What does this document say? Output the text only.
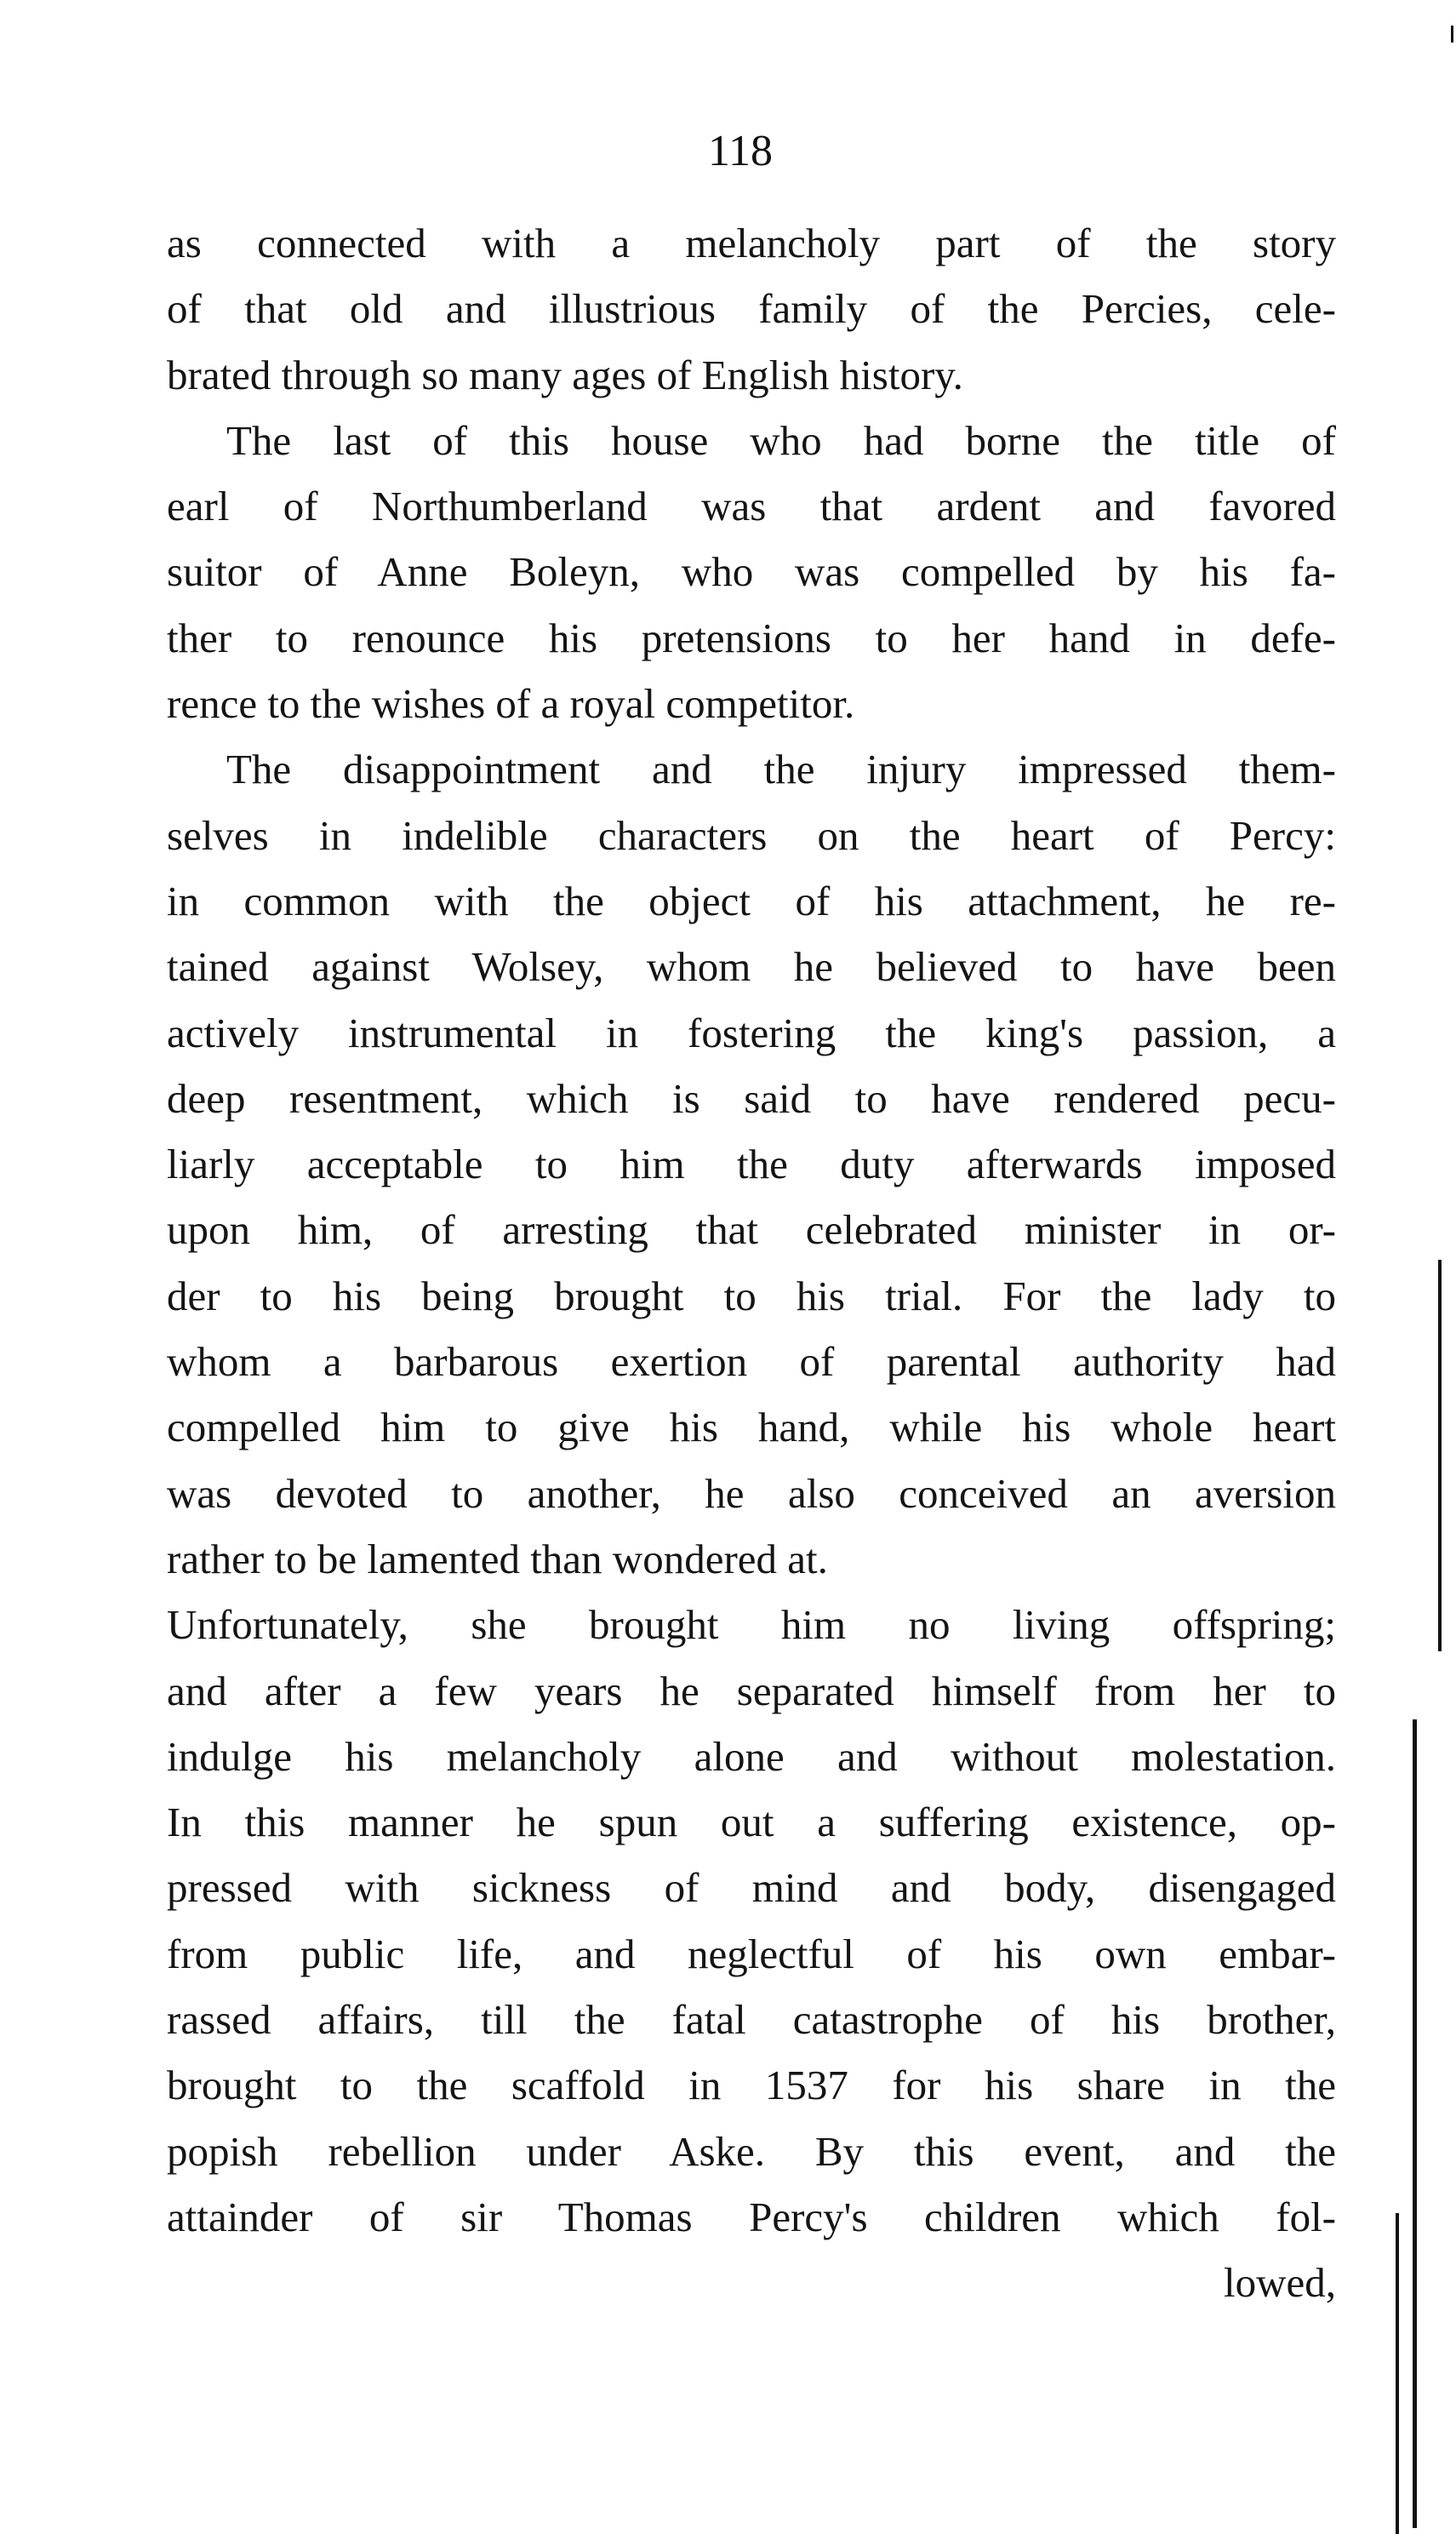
118
as connected with a melancholy part of the story
of that old and illustrious family of the Percies, cele-
brated through so many ages of English history.
The last of this house who had borne the title of
earl of Northumberland was that ardent and favored
suitor of Anne Boleyn, who was compelled by his fa-
ther to renounce his pretensions to her hand in defe-
rence to the wishes of a royal competitor.
The disappointment and the injury impressed them-
selves in indelible characters on the heart of Percy:
in common with the object of his attachment, he re-
tained against Wolsey, whom he believed to have been
actively instrumental in fostering the king's passion, a
deep resentment, which is said to have rendered pecu-
liarly acceptable to him the duty afterwards imposed
upon him, of arresting that celebrated minister in or-
der to his being brought to his trial. For the lady to
whom a barbarous exertion of parental authority had
compelled him to give his hand, while his whole heart
was devoted to another, he also conceived an aversion
rather to be lamented than wondered at.
Unfortunately, she brought him no living offspring;
and after a few years he separated himself from her to
indulge his melancholy alone and without molestation.
In this manner he spun out a suffering existence, op-
pressed with sickness of mind and body, disengaged
from public life, and neglectful of his own embar-
rassed affairs, till the fatal catastrophe of his brother,
brought to the scaffold in 1537 for his share in the
popish rebellion under Aske. By this event, and the
attainder of sir Thomas Percy's children which fol-
lowed,
